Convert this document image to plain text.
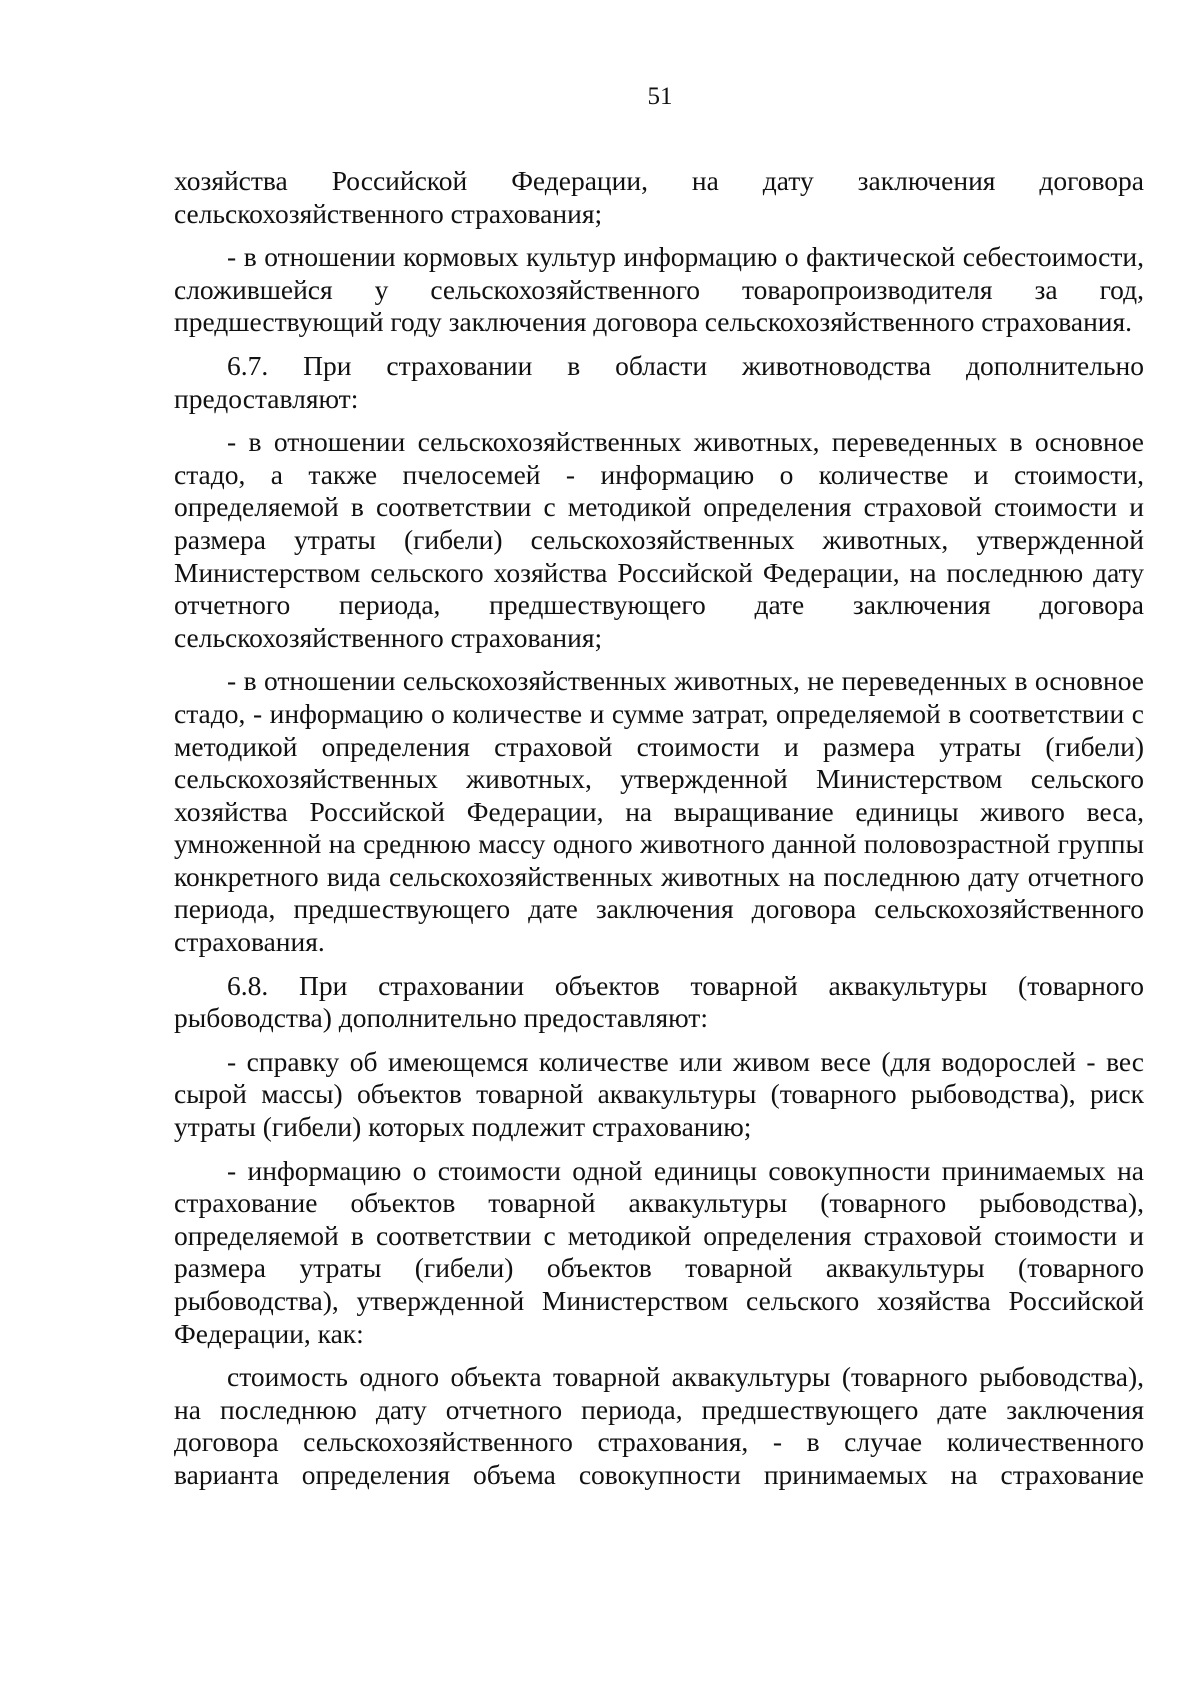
51

хозяйства Российской Федерации, на дату заключения договора сельскохозяйственного страхования;

- в отношении кормовых культур информацию о фактической себестоимости, сложившейся у сельскохозяйственного товаропроизводителя за год, предшествующий году заключения договора сельскохозяйственного страхования.

6.7. При страховании в области животноводства дополнительно предоставляют:

- в отношении сельскохозяйственных животных, переведенных в основное стадо, а также пчелосемей - информацию о количестве и стоимости, определяемой в соответствии с методикой определения страховой стоимости и размера утраты (гибели) сельскохозяйственных животных, утвержденной Министерством сельского хозяйства Российской Федерации, на последнюю дату отчетного периода, предшествующего дате заключения договора сельскохозяйственного страхования;

- в отношении сельскохозяйственных животных, не переведенных в основное стадо, - информацию о количестве и сумме затрат, определяемой в соответствии с методикой определения страховой стоимости и размера утраты (гибели) сельскохозяйственных животных, утвержденной Министерством сельского хозяйства Российской Федерации, на выращивание единицы живого веса, умноженной на среднюю массу одного животного данной половозрастной группы конкретного вида сельскохозяйственных животных на последнюю дату отчетного периода, предшествующего дате заключения договора сельскохозяйственного страхования.

6.8. При страховании объектов товарной аквакультуры (товарного рыбоводства) дополнительно предоставляют:

- справку об имеющемся количестве или живом весе (для водорослей - вес сырой массы) объектов товарной аквакультуры (товарного рыбоводства), риск утраты (гибели) которых подлежит страхованию;

- информацию о стоимости одной единицы совокупности принимаемых на страхование объектов товарной аквакультуры (товарного рыбоводства), определяемой в соответствии с методикой определения страховой стоимости и размера утраты (гибели) объектов товарной аквакультуры (товарного рыбоводства), утвержденной Министерством сельского хозяйства Российской Федерации, как:

стоимость одного объекта товарной аквакультуры (товарного рыбоводства), на последнюю дату отчетного периода, предшествующего дате заключения договора сельскохозяйственного страхования, - в случае количественного варианта определения объема совокупности принимаемых на страхование
